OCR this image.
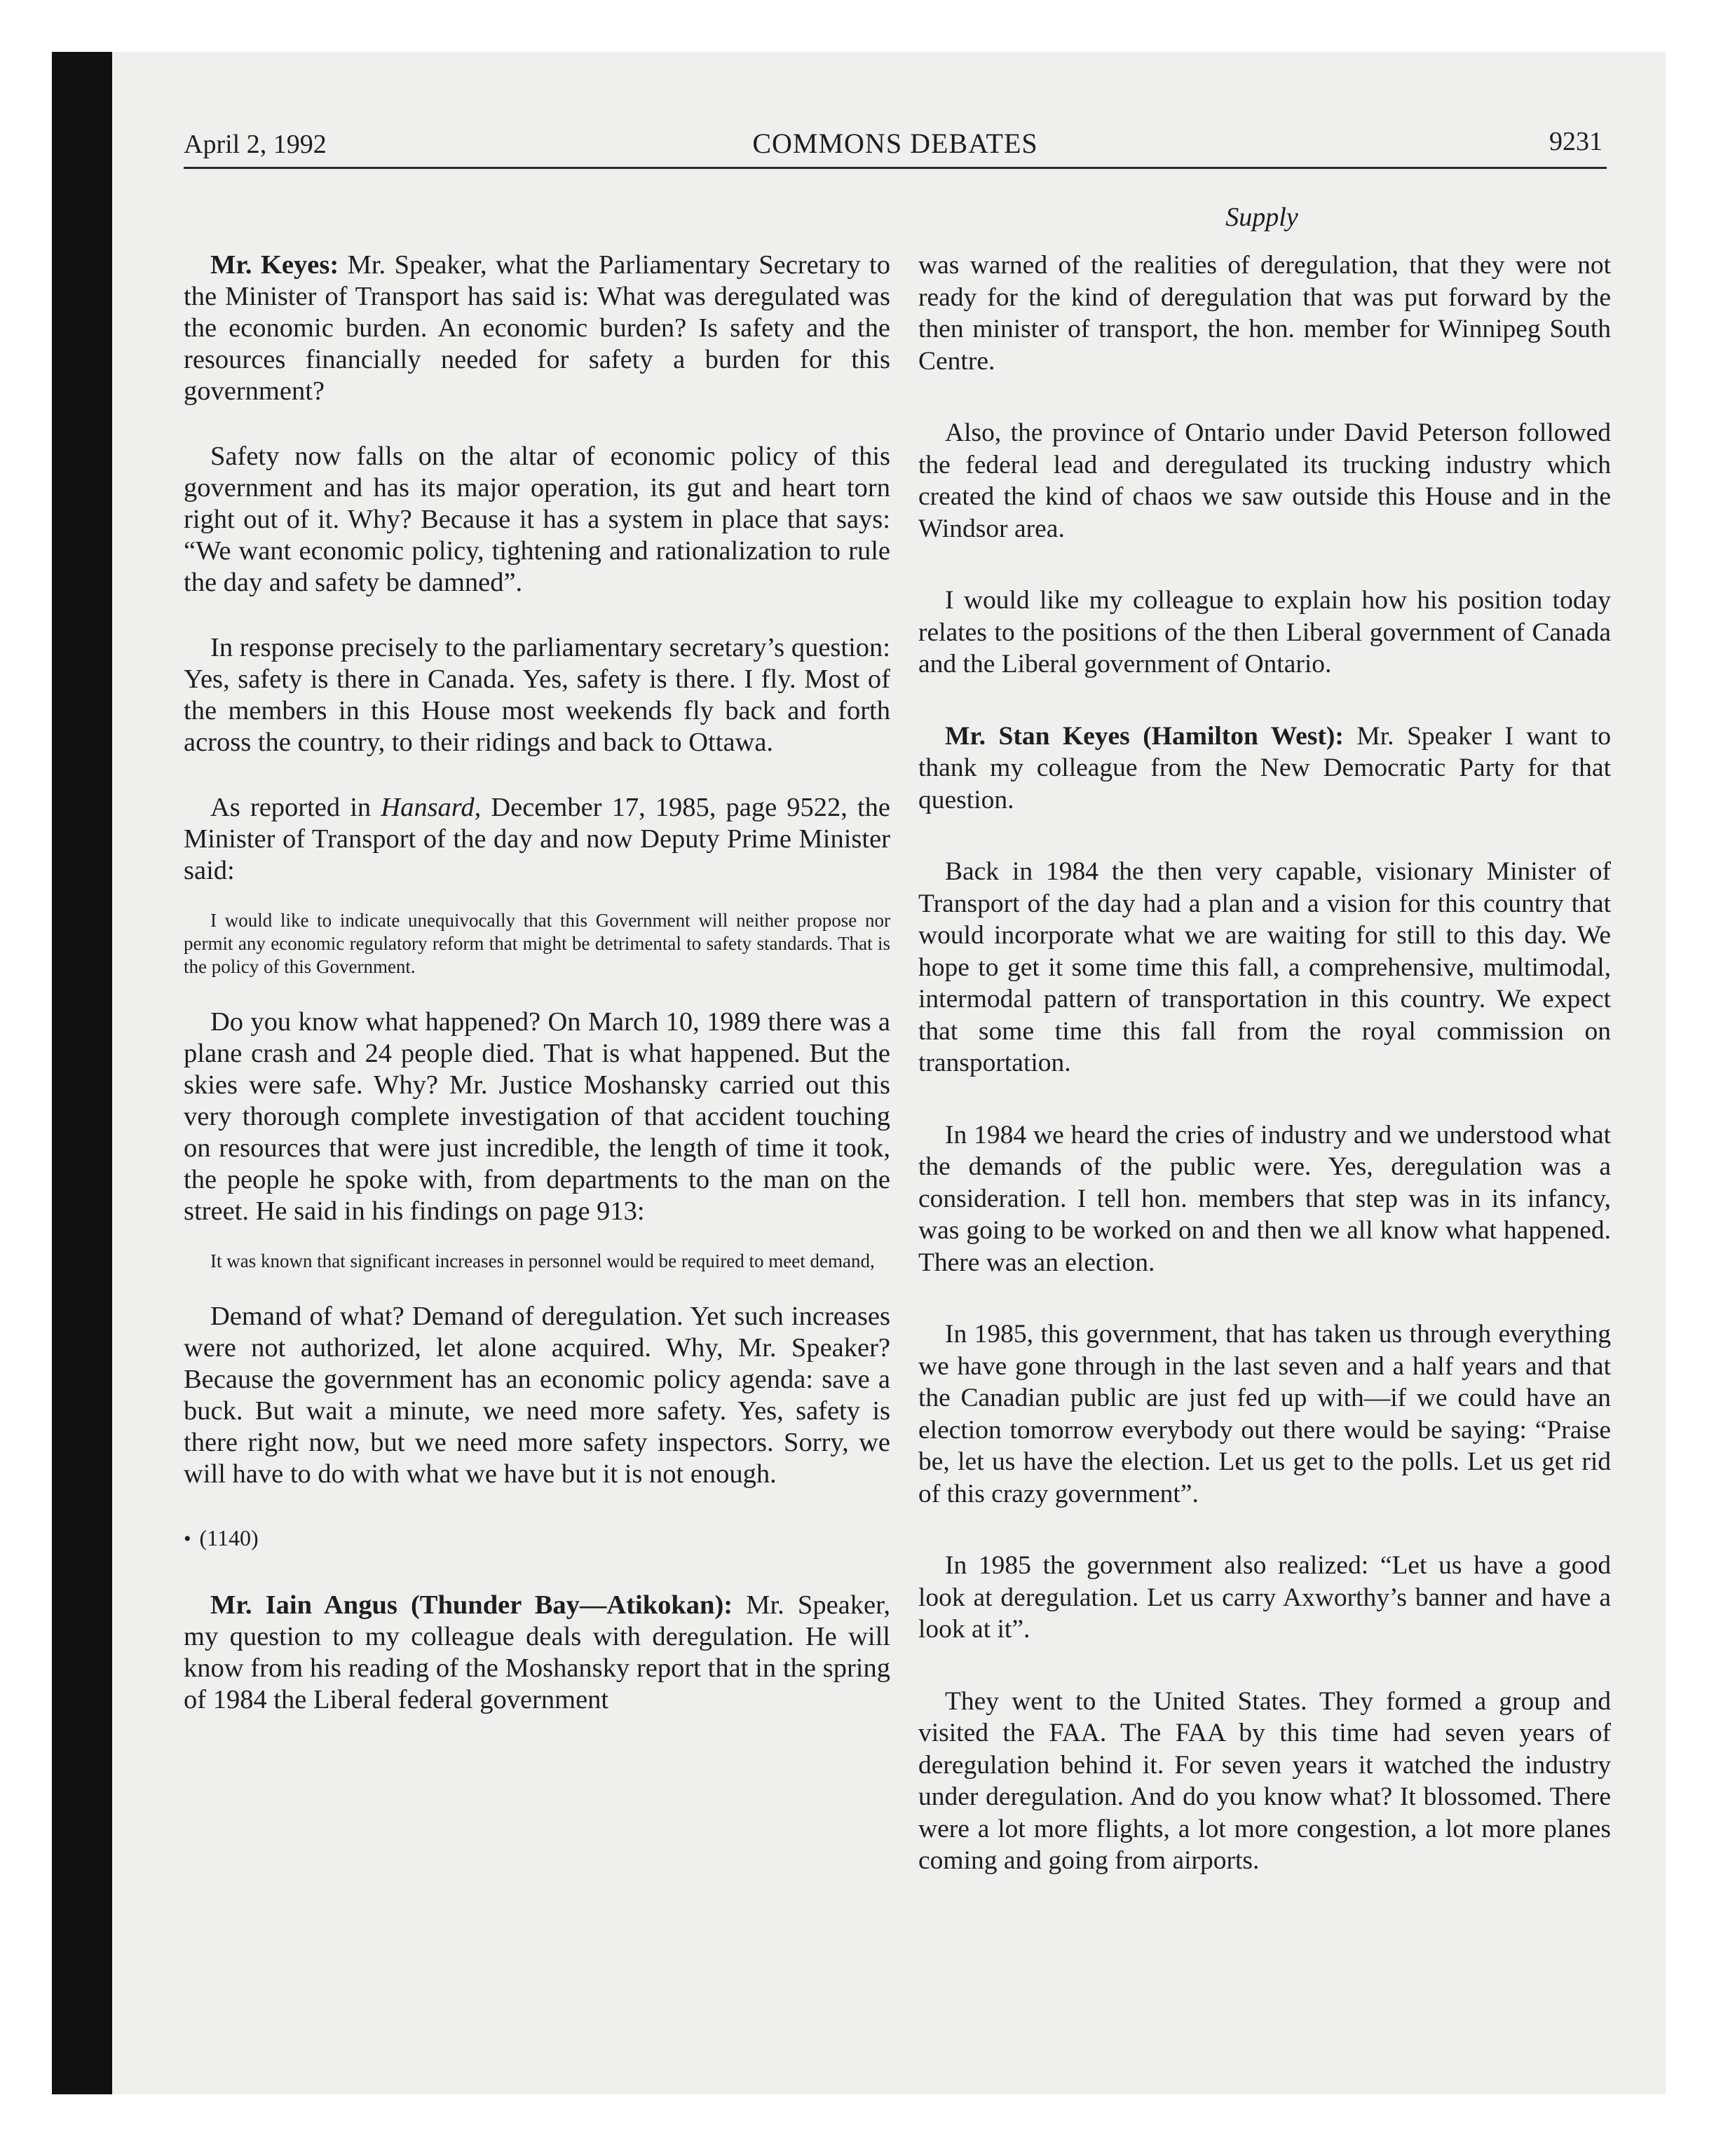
April 2, 1992	COMMONS DEBATES	9231
Supply

Mr. Keyes: Mr. Speaker, what the Parliamentary Secretary to the Minister of Transport has said is: What was deregulated was the economic burden. An economic burden? Is safety and the resources financially needed for safety a burden for this government?

Safety now falls on the altar of economic policy of this government and has its major operation, its gut and heart torn right out of it. Why? Because it has a system in place that says: “We want economic policy, tightening and rationalization to rule the day and safety be damned”.

In response precisely to the parliamentary secretary’s question: Yes, safety is there in Canada. Yes, safety is there. I fly. Most of the members in this House most weekends fly back and forth across the country, to their ridings and back to Ottawa.

As reported in Hansard, December 17, 1985, page 9522, the Minister of Transport of the day and now Deputy Prime Minister said:

I would like to indicate unequivocally that this Government will neither propose nor permit any economic regulatory reform that might be detrimental to safety standards. That is the policy of this Government.

Do you know what happened? On March 10, 1989 there was a plane crash and 24 people died. That is what happened. But the skies were safe. Why? Mr. Justice Moshansky carried out this very thorough complete investigation of that accident touching on resources that were just incredible, the length of time it took, the people he spoke with, from departments to the man on the street. He said in his findings on page 913:

It was known that significant increases in personnel would be required to meet demand,

Demand of what? Demand of deregulation. Yet such increases were not authorized, let alone acquired. Why, Mr. Speaker? Because the government has an economic policy agenda: save a buck. But wait a minute, we need more safety. Yes, safety is there right now, but we need more safety inspectors. Sorry, we will have to do with what we have but it is not enough.

• (1140)

Mr. Iain Angus (Thunder Bay—Atikokan): Mr. Speaker, my question to my colleague deals with deregulation. He will know from his reading of the Moshansky report that in the spring of 1984 the Liberal federal government

was warned of the realities of deregulation, that they were not ready for the kind of deregulation that was put forward by the then minister of transport, the hon. member for Winnipeg South Centre.

Also, the province of Ontario under David Peterson followed the federal lead and deregulated its trucking industry which created the kind of chaos we saw outside this House and in the Windsor area.

I would like my colleague to explain how his position today relates to the positions of the then Liberal government of Canada and the Liberal government of Ontario.

Mr. Stan Keyes (Hamilton West): Mr. Speaker I want to thank my colleague from the New Democratic Party for that question.

Back in 1984 the then very capable, visionary Minister of Transport of the day had a plan and a vision for this country that would incorporate what we are waiting for still to this day. We hope to get it some time this fall, a comprehensive, multimodal, intermodal pattern of transportation in this country. We expect that some time this fall from the royal commission on transportation.

In 1984 we heard the cries of industry and we understood what the demands of the public were. Yes, deregulation was a consideration. I tell hon. members that step was in its infancy, was going to be worked on and then we all know what happened. There was an election.

In 1985, this government, that has taken us through everything we have gone through in the last seven and a half years and that the Canadian public are just fed up with—if we could have an election tomorrow everybody out there would be saying: “Praise be, let us have the election. Let us get to the polls. Let us get rid of this crazy government”.

In 1985 the government also realized: “Let us have a good look at deregulation. Let us carry Axworthy’s banner and have a look at it”.

They went to the United States. They formed a group and visited the FAA. The FAA by this time had seven years of deregulation behind it. For seven years it watched the industry under deregulation. And do you know what? It blossomed. There were a lot more flights, a lot more congestion, a lot more planes coming and going from airports.
